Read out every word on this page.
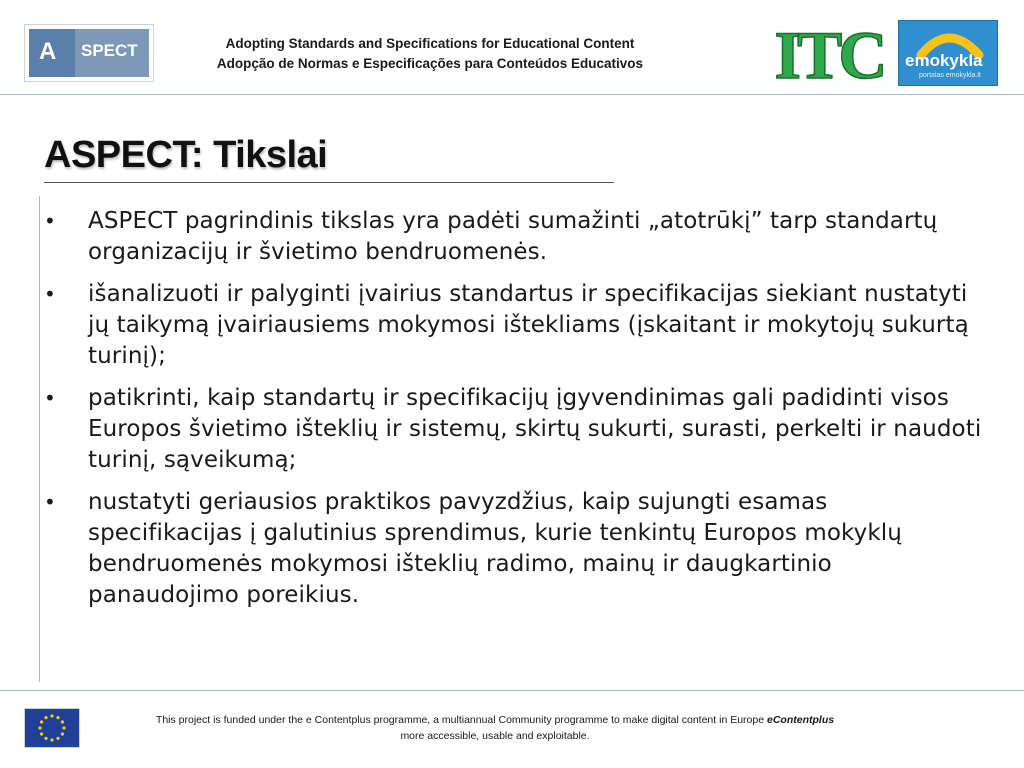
A SPECT	Adopting Standards and Specifications for Educational Content
Adopção de Normas e Especificações para Conteúdos Educativos	ITC emokykla
portalas emokykla.lt
ASPECT: Tikslai
• ASPECT pagrindinis tikslas yra padėti sumažinti „atotrūkį” tarp standartų organizacijų ir švietimo bendruomenės.
• išanalizuoti ir palyginti įvairius standartus ir specifikacijas siekiant nustatyti jų taikymą įvairiausiems mokymosi ištekliams (įskaitant ir mokytojų sukurtą turinį);
• patikrinti, kaip standartų ir specifikacijų įgyvendinimas gali padidinti visos Europos švietimo išteklių ir sistemų, skirtų sukurti, surasti, perkelti ir naudoti turinį, sąveikumą;
• nustatyti geriausios praktikos pavyzdžius, kaip sujungti esamas specifikacijas į galutinius sprendimus, kurie tenkintų Europos mokyklų bendruomenės mokymosi išteklių radimo, mainų ir daugkartinio panaudojimo poreikius.
This project is funded under the e Contentplus programme, a multiannual Community programme to make digital content in Europe eContentplus
more accessible, usable and exploitable.
